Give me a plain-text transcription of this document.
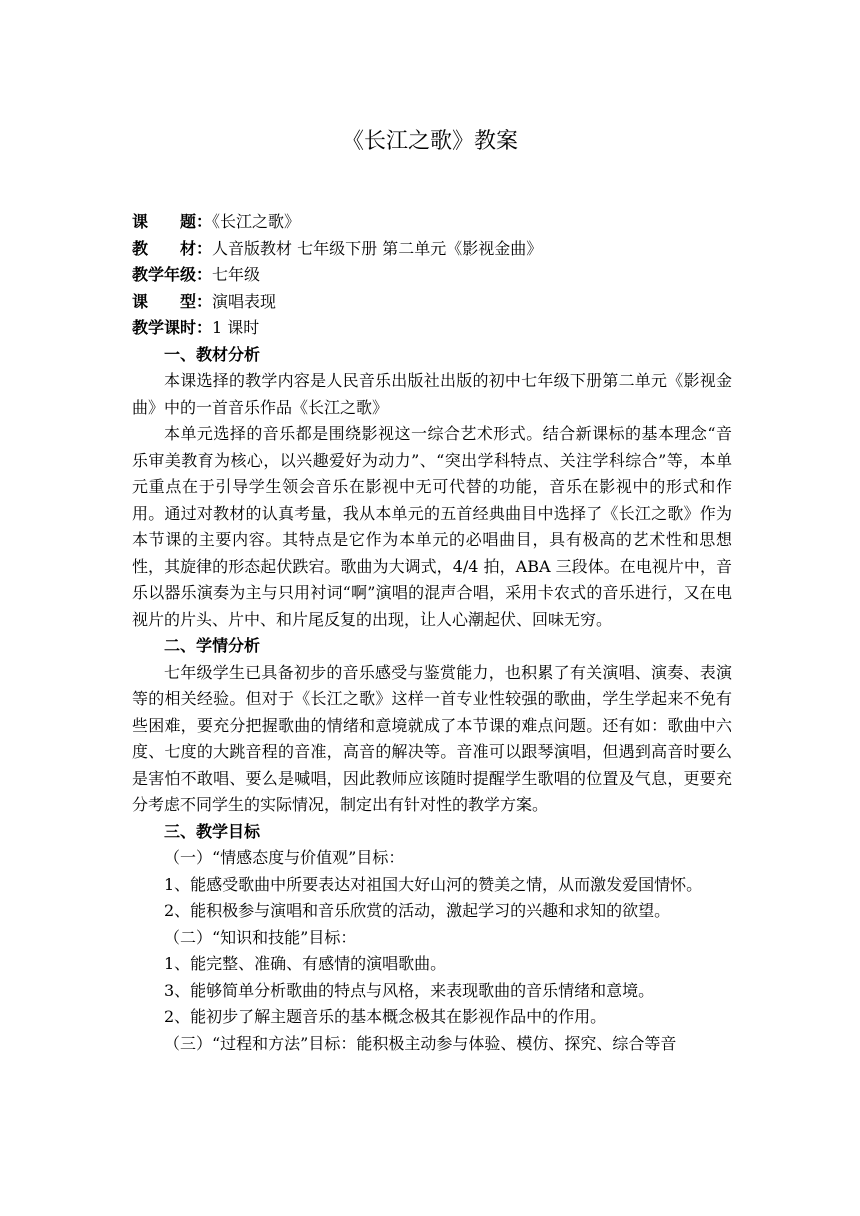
《长江之歌》教案
课　　题：《长江之歌》
教　　材：人音版教材 七年级下册 第二单元《影视金曲》
教学年级：七年级
课　　型：演唱表现
教学课时：1 课时
一、教材分析
本课选择的教学内容是人民音乐出版社出版的初中七年级下册第二单元《影视金曲》中的一首音乐作品《长江之歌》
本单元选择的音乐都是围绕影视这一综合艺术形式。结合新课标的基本理念“音乐审美教育为核心，以兴趣爱好为动力”、“突出学科特点、关注学科综合”等，本单元重点在于引导学生领会音乐在影视中无可代替的功能，音乐在影视中的形式和作用。通过对教材的认真考量，我从本单元的五首经典曲目中选择了《长江之歌》作为本节课的主要内容。其特点是它作为本单元的必唱曲目，具有极高的艺术性和思想性，其旋律的形态起伏跌宕。歌曲为大调式，4/4 拍，ABA 三段体。在电视片中，音乐以器乐演奏为主与只用衬词“啊”演唱的混声合唱，采用卡农式的音乐进行，又在电视片的片头、片中、和片尾反复的出现，让人心潮起伏、回味无穷。
二、学情分析
七年级学生已具备初步的音乐感受与鉴赏能力，也积累了有关演唱、演奏、表演等的相关经验。但对于《长江之歌》这样一首专业性较强的歌曲，学生学起来不免有些困难，要充分把握歌曲的情绪和意境就成了本节课的难点问题。还有如：歌曲中六度、七度的大跳音程的音准，高音的解决等。音准可以跟琴演唱，但遇到高音时要么是害怕不敢唱、要么是喊唱，因此教师应该随时提醒学生歌唱的位置及气息，更要充分考虑不同学生的实际情况，制定出有针对性的教学方案。
三、教学目标
（一）“情感态度与价值观”目标：
1、能感受歌曲中所要表达对祖国大好山河的赞美之情，从而激发爱国情怀。
2、能积极参与演唱和音乐欣赏的活动，激起学习的兴趣和求知的欲望。
（二）“知识和技能”目标：
1、能完整、准确、有感情的演唱歌曲。
3、能够简单分析歌曲的特点与风格，来表现歌曲的音乐情绪和意境。
2、能初步了解主题音乐的基本概念极其在影视作品中的作用。
（三）“过程和方法”目标：能积极主动参与体验、模仿、探究、综合等音
